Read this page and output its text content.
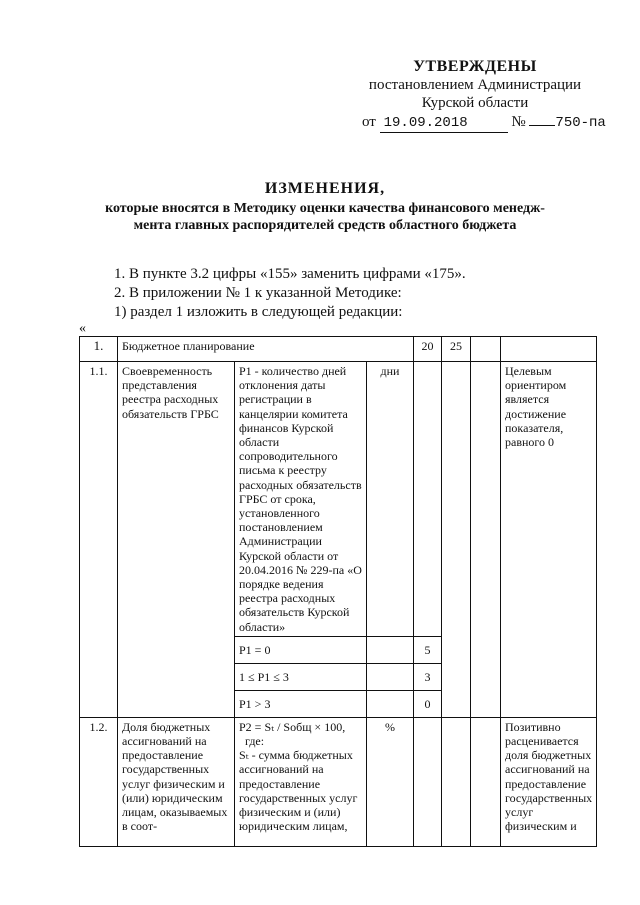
УТВЕРЖДЕНЫ
постановлением Администрации
Курской области
от 19.09.2018	№ 750-па
ИЗМЕНЕНИЯ,
которые вносятся в Методику оценки качества финансового менедж-
мента главных распорядителей средств областного бюджета
1. В пункте 3.2 цифры «155» заменить цифрами «175».
2. В приложении № 1 к указанной Методике:
1) раздел 1 изложить в следующей редакции:
«
1.	Бюджетное планирование			20	25		
1.1.	Своевременность представления реестра расходных обязательств ГРБС	Р1 - количество дней отклонения даты регистрации в канцелярии комитета финансов Курской области сопроводительного письма к реестру расходных обязательств ГРБС от срока, установленного постановлением Администрации Курской области от 20.04.2016 № 229-па «О порядке ведения реестра расходных обязательств Курской области»	дни				Целевым ориентиром является достижение показателя, равного 0
		Р1 = 0		5			
		1 ≤ Р1 ≤ 3		3			
		Р1 > 3		0			
1.2.	Доля бюджетных ассигнований на предоставление государственных услуг физическим и (или) юридическим лицам, оказываемых в соот-	Р2 = Sₜ / Sобщ × 100,
где:
Sₜ - сумма бюджетных ассигнований на предоставление государственных услуг физическим и (или) юридическим лицам,	%				Позитивно расценивается доля бюджетных ассигнований на предоставление государственных услуг физическим и
